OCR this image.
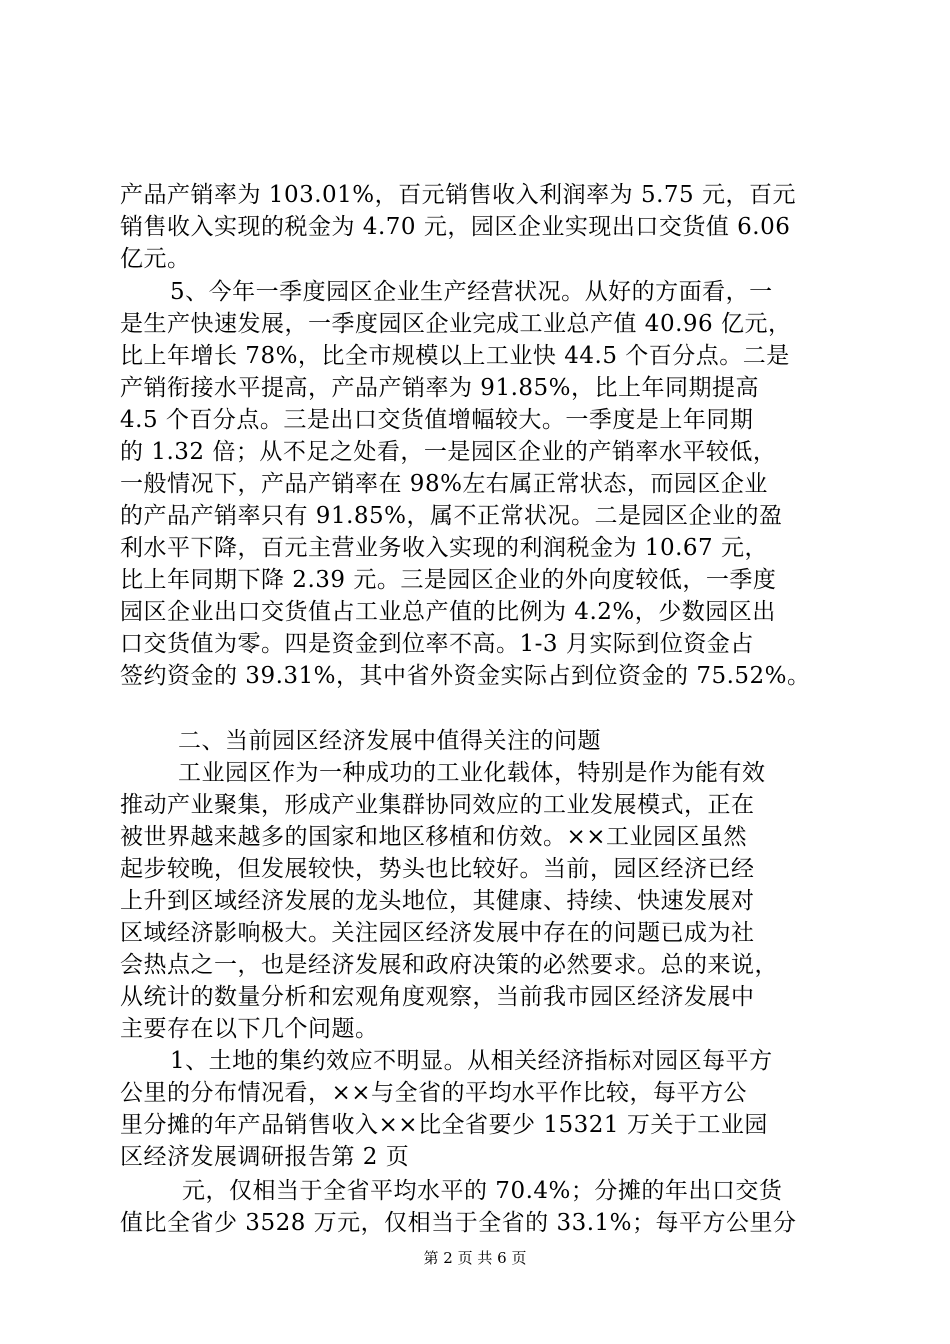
产品产销率为 103.01%，百元销售收入利润率为 5.75 元，百元
销售收入实现的税金为 4.70 元，园区企业实现出口交货值 6.06
亿元。
5、今年一季度园区企业生产经营状况。从好的方面看，一
是生产快速发展，一季度园区企业完成工业总产值 40.96 亿元，
比上年增长 78%，比全市规模以上工业快 44.5 个百分点。二是
产销衔接水平提高，产品产销率为 91.85%，比上年同期提高
4.5 个百分点。三是出口交货值增幅较大。一季度是上年同期
的 1.32 倍；从不足之处看，一是园区企业的产销率水平较低，
一般情况下，产品产销率在 98%左右属正常状态，而园区企业
的产品产销率只有 91.85%，属不正常状况。二是园区企业的盈
利水平下降，百元主营业务收入实现的利润税金为 10.67 元，
比上年同期下降 2.39 元。三是园区企业的外向度较低，一季度
园区企业出口交货值占工业总产值的比例为 4.2%，少数园区出
口交货值为零。四是资金到位率不高。1-3 月实际到位资金占
签约资金的 39.31%，其中省外资金实际占到位资金的 75.52%。
二、当前园区经济发展中值得关注的问题
工业园区作为一种成功的工业化载体，特别是作为能有效
推动产业聚集，形成产业集群协同效应的工业发展模式，正在
被世界越来越多的国家和地区移植和仿效。××工业园区虽然
起步较晚，但发展较快，势头也比较好。当前，园区经济已经
上升到区域经济发展的龙头地位，其健康、持续、快速发展对
区域经济影响极大。关注园区经济发展中存在的问题已成为社
会热点之一，也是经济发展和政府决策的必然要求。总的来说，
从统计的数量分析和宏观角度观察，当前我市园区经济发展中
主要存在以下几个问题。
1、土地的集约效应不明显。从相关经济指标对园区每平方
公里的分布情况看，××与全省的平均水平作比较，每平方公
里分摊的年产品销售收入××比全省要少 15321 万关于工业园
区经济发展调研报告第 2 页
元，仅相当于全省平均水平的 70.4%；分摊的年出口交货
值比全省少 3528 万元，仅相当于全省的 33.1%；每平方公里分
第 2 页 共 6 页
